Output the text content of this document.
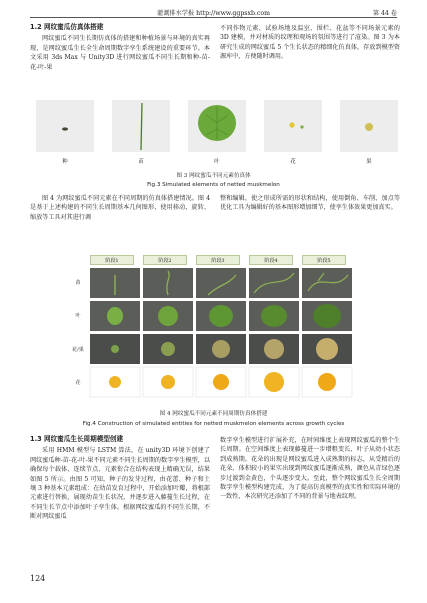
灌溉排水学报 http://www.ggpsxb.com	第 44 卷
1.2 网纹蜜瓜仿真体搭建

网纹蜜瓜不同生长期仿真体的搭建和种植场景与环境的真实再现，是网纹蜜瓜生长全生命周期数字孪生系统建设的重要环节。本文采用 3ds Max 与 Unity3D 进行网纹蜜瓜不同生长期和种-苗-花-叶-果

不同作物元素、试验场地及温室、围栏、花盆等不同场景元素的 3D 建模，并对材质的纹理和观场的氛围等进行了渲染。图 3 为本研究生成的网纹蜜瓜 5 个生长状态的精细化仿真体，存放到模型资源库中，方便随时调用。

种	苗	叶	花	果
图 3 网纹蜜瓜不同元素仿真体
Fig.3 Simulated elements of netted muskmelon

图 4 为网纹蜜瓜不同元素在不同周期的仿真体搭建情况。图 4 是基于上述构建的不同生长周期基本几何图形，使用移动、旋转、缩放等工具对其进行调

整和编辑，使之形成所需的形状和结构，使用倒角、车削、加点等优化工具为编辑好的基本图形增加细节，使孪生体效果更加真实。

阶段1	阶段2	阶段3	阶段4	阶段5
苗
叶
花/果
花
图 4 网纹蜜瓜不同元素不同周期仿真体搭建
Fig.4 Construction of simulated entities for netted muskmelon elements across growth cycles
1.3 网纹蜜瓜生长周期模型创建

采用 HMM 模型与 LSTM 算法，在 unity3D 环境下创建了网纹蜜瓜种-苗-花-叶-果不同元素不同生长周期的数字孪生模型，以确保每个载体、连续节点、元素衔合在结构表现上精确无误，结果如图 5 所示。由图 5 可知，种子的发芽过程，由花蕾、种子和土壤 3 种基本元素组成：在幼苗发育过程中，开始添加叶瓣，将根部元素进行替换，展现幼苗生长状况，并逐步进入藤蔓生长过程，在不同生长节点中添加叶子孪生体。根据网纹蜜瓜的不同生长期，不断对网纹蜜瓜

数字孪生模型进行扩展补充，在时间维度上表现网纹蜜瓜的整个生长周期。在空间维度上表现藤蔓进一步增粗变长、叶子从幼小状态到成熟期。花朵的出现是网纹蜜瓜进入成熟期的标志，从受精后的花朵、体积较小的果实出现到网纹蜜瓜逐渐成熟，颜色从青绿色逐步过渡到金黄色，个头逐步变大。至此，整个网纹蜜瓜生长全周期数字孪生模型构建完成，为了提高仿真模型的真实性和实际环境的一致性，本次研究还添加了不同的背景与地表纹理。

124
